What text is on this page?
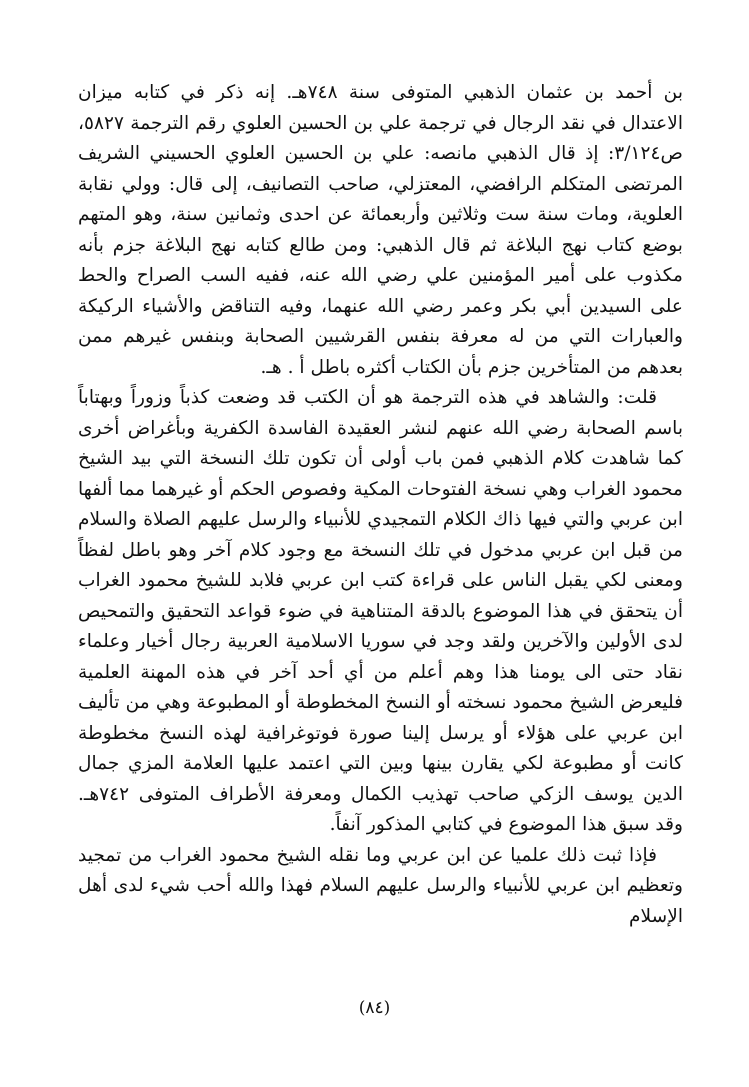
بن أحمد بن عثمان الذهبي المتوفى سنة ٧٤٨هـ. إنه ذكر في كتابه ميزان الاعتدال في نقد الرجال في ترجمة علي بن الحسين العلوي رقم الترجمة ٥٨٢٧، ص٣/١٢٤: إذ قال الذهبي مانصه: علي بن الحسين العلوي الحسيني الشريف المرتضى المتكلم الرافضي، المعتزلي، صاحب التصانيف، إلى قال: وولي نقابة العلوية، ومات سنة ست وثلاثين وأربعمائة عن احدى وثمانين سنة، وهو المتهم بوضع كتاب نهج البلاغة ثم قال الذهبي: ومن طالع كتابه نهج البلاغة جزم بأنه مكذوب على أمير المؤمنين علي رضي الله عنه، ففيه السب الصراح والحط على السيدين أبي بكر وعمر رضي الله عنهما، وفيه التناقض والأشياء الركيكة والعبارات التي من له معرفة بنفس القرشيين الصحابة وبنفس غيرهم ممن بعدهم من المتأخرين جزم بأن الكتاب أكثره باطل أ . هـ.

قلت: والشاهد في هذه الترجمة هو أن الكتب قد وضعت كذباً وزوراً وبهتاباً باسم الصحابة رضي الله عنهم لنشر العقيدة الفاسدة الكفرية وبأغراض أخرى كما شاهدت كلام الذهبي فمن باب أولى أن تكون تلك النسخة التي بيد الشيخ محمود الغراب وهي نسخة الفتوحات المكية وفصوص الحكم أو غيرهما مما ألفها ابن عربي والتي فيها ذاك الكلام التمجيدي للأنبياء والرسل عليهم الصلاة والسلام من قبل ابن عربي مدخول في تلك النسخة مع وجود كلام آخر وهو باطل لفظاً ومعنى لكي يقبل الناس على قراءة كتب ابن عربي فلابد للشيخ محمود الغراب أن يتحقق في هذا الموضوع بالدقة المتناهية في ضوء قواعد التحقيق والتمحيص لدى الأولين والآخرين ولقد وجد في سوريا الاسلامية العربية رجال أخيار وعلماء نقاد حتى الى يومنا هذا وهم أعلم من أي أحد آخر في هذه المهنة العلمية فليعرض الشيخ محمود نسخته أو النسخ المخطوطة أو المطبوعة وهي من تأليف ابن عربي على هؤلاء أو يرسل إلينا صورة فوتوغرافية لهذه النسخ مخطوطة كانت أو مطبوعة لكي يقارن بينها وبين التي اعتمد عليها العلامة المزي جمال الدين يوسف الزكي صاحب تهذيب الكمال ومعرفة الأطراف المتوفى ٧٤٢هـ. وقد سبق هذا الموضوع في كتابي المذكور آنفاً.

فإذا ثبت ذلك علميا عن ابن عربي وما نقله الشيخ محمود الغراب من تمجيد وتعظيم ابن عربي للأنبياء والرسل عليهم السلام فهذا والله أحب شيء لدى أهل الإسلام

(٨٤)
